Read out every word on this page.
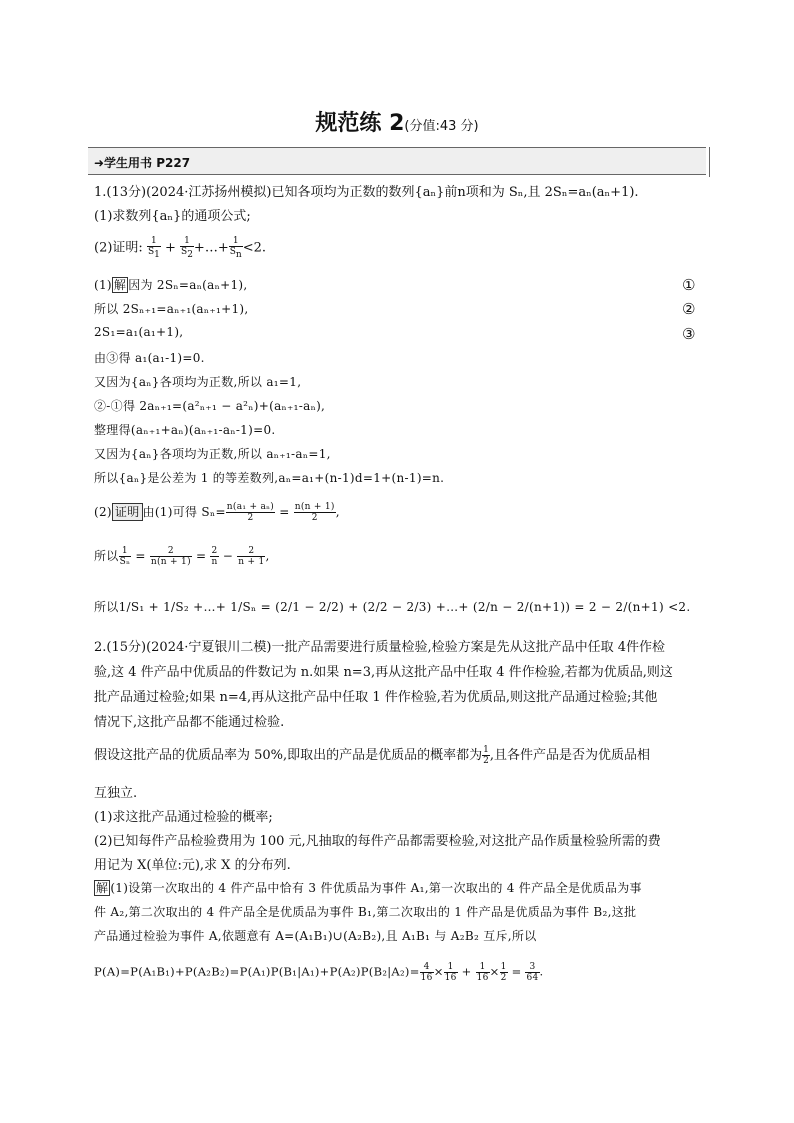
规范练 2(分值:43 分)
➜学生用书 P227
1.(13分)(2024·江苏扬州模拟)已知各项均为正数的数列{aₙ}前n项和为 Sₙ,且 2Sₙ=aₙ(aₙ+1).
(1)求数列{aₙ}的通项公式;
(2)证明: $\frac{1}{S_1} + \frac{1}{S_2}$ +…+ $\frac{1}{S_n} <2$.
(1) 解 因为 2Sₙ=aₙ(aₙ+1),	①
所以 2Sₙ₊₁=aₙ₊₁(aₙ₊₁+1),	②
2S₁=a₁(a₁+1),	③
由③得 a₁(a₁-1)=0.
又因为{aₙ}各项均为正数,所以 a₁=1,
②-①得 2aₙ₊₁=(a²ₙ₊₁ − a²ₙ)+(aₙ₊₁-aₙ),
整理得(aₙ₊₁+aₙ)(aₙ₊₁-aₙ-1)=0.
又因为{aₙ}各项均为正数,所以 aₙ₊₁-aₙ=1,
所以{aₙ}是公差为 1 的等差数列,aₙ=a₁+(n-1)d=1+(n-1)=n.
(2) 证明 由(1)可得 $S_n= \frac{\text{n(a₁ + aₙ)}}{2} = \frac{n(n + 1)}{2}$ ,
所以 $\frac{1}{\text{Sₙ}} = \frac{2}{n(n + 1)} = \frac{2}{n} - \frac{2}{n + 1}$ ,
所以1/S₁ + 1/S₂ +…+ 1/Sₙ = (2/1 − 2/2) + (2/2 − 2/3) +…+ (2/n − 2/(n+1)) = 2 − 2/(n+1) <2.
2.(15分)(2024·宁夏银川二模)一批产品需要进行质量检验,检验方案是先从这批产品中任取 4件作检
验,这 4 件产品中优质品的件数记为 n.如果 n=3,再从这批产品中任取 4 件作检验,若都为优质品,则这
批产品通过检验;如果 n=4,再从这批产品中任取 1 件作检验,若为优质品,则这批产品通过检验;其他
情况下,这批产品都不能通过检验.
假设这批产品的优质品率为 50%,即取出的产品是优质品的概率都为 $\frac{1}{2}$ ,且各件产品是否为优质品相
互独立.
(1)求这批产品通过检验的概率;
(2)已知每件产品检验费用为 100 元,凡抽取的每件产品都需要检验,对这批产品作质量检验所需的费
用记为 X(单位:元),求 X 的分布列.
解 (1)设第一次取出的 4 件产品中恰有 3 件优质品为事件 A₁,第一次取出的 4 件产品全是优质品为事
件 A₂,第二次取出的 4 件产品全是优质品为事件 B₁,第二次取出的 1 件产品是优质品为事件 B₂,这批
产品通过检验为事件 A,依题意有 A=(A₁B₁)∪(A₂B₂),且 A₁B₁ 与 A₂B₂ 互斥,所以
$P(A)=P(A_1B_1)+P(A_2B_2)=P(A_1)P(B_1|A_1)+P(A_2)P(B_2|A_2)= \frac{4}{16} \times \frac{1}{16} + \frac{1}{16} \times \frac{1}{2} = \frac{3}{64}$ .
